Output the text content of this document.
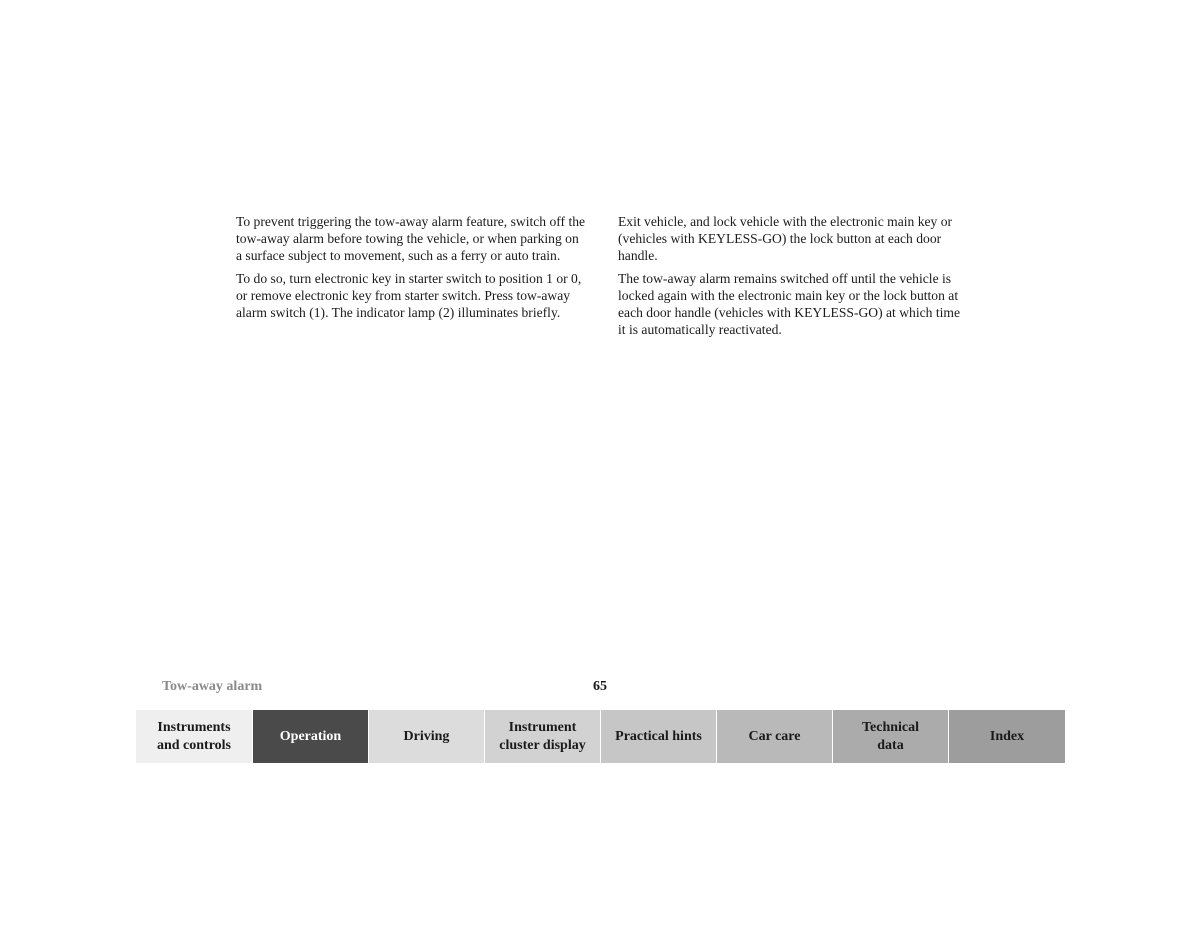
To prevent triggering the tow-away alarm feature, switch off the tow-away alarm before towing the vehicle, or when parking on a surface subject to movement, such as a ferry or auto train.

To do so, turn electronic key in starter switch to position 1 or 0, or remove electronic key from starter switch. Press tow-away alarm switch (1). The indicator lamp (2) illuminates briefly.

Exit vehicle, and lock vehicle with the electronic main key or (vehicles with KEYLESS-GO) the lock button at each door handle.

The tow-away alarm remains switched off until the vehicle is locked again with the electronic main key or the lock button at each door handle (vehicles with KEYLESS-GO) at which time it is automatically reactivated.

Tow-away alarm	65
Instruments
and controls
Operation	Driving
Instrument
cluster display
Practical hints	Car care
Technical
data
Index
